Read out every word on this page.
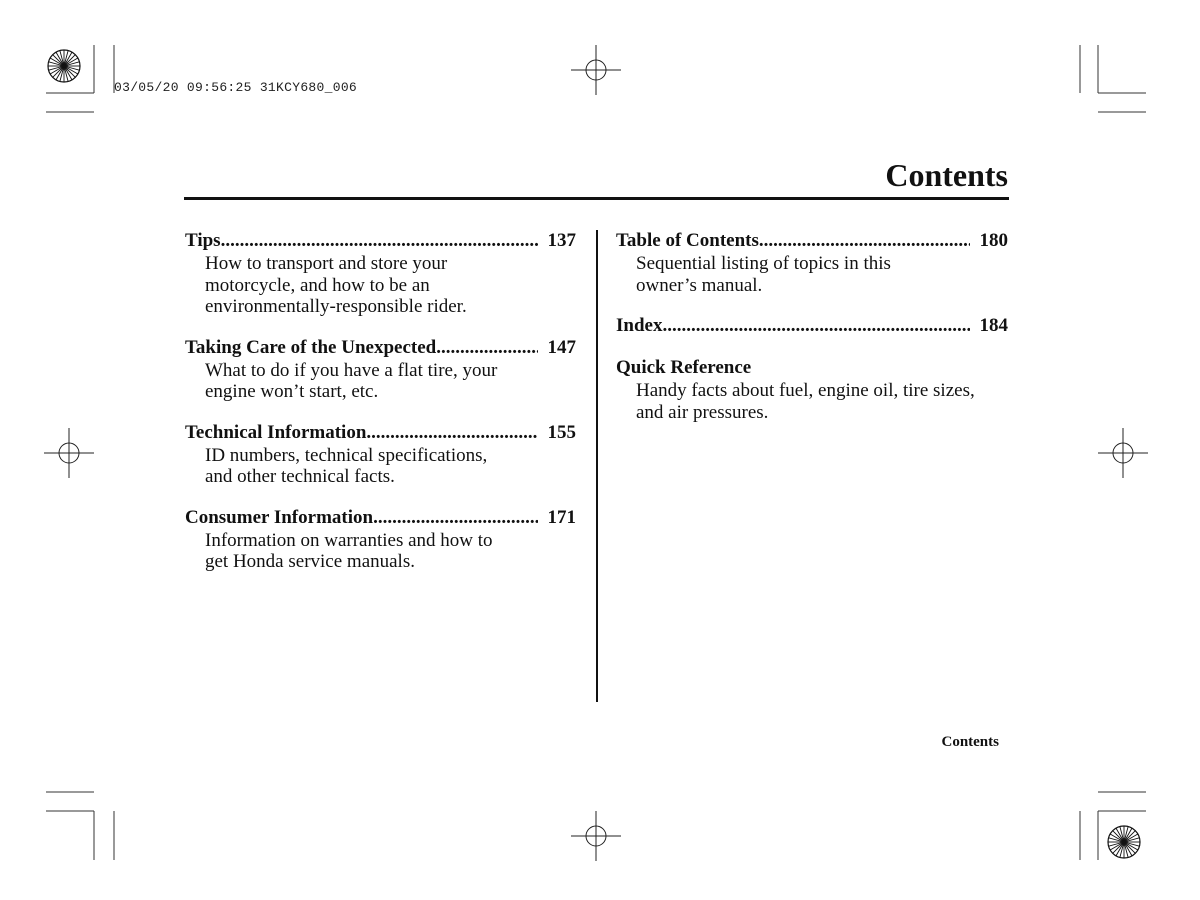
03/05/20 09:56:25 31KCY680_006
Contents
Tips .....	137
How to transport and store your
motorcycle, and how to be an
environmentally-responsible rider.
Taking Care of the Unexpected .....	147
What to do if you have a flat tire, your
engine won’t start, etc.
Technical Information .....	155
ID numbers, technical specifications,
and other technical facts.
Consumer Information .....	171
Information on warranties and how to
get Honda service manuals.
Table of Contents .....	180
Sequential listing of topics in this
owner’s manual.
Index .....	184
Quick Reference
Handy facts about fuel, engine oil, tire sizes,
and air pressures.
Contents
